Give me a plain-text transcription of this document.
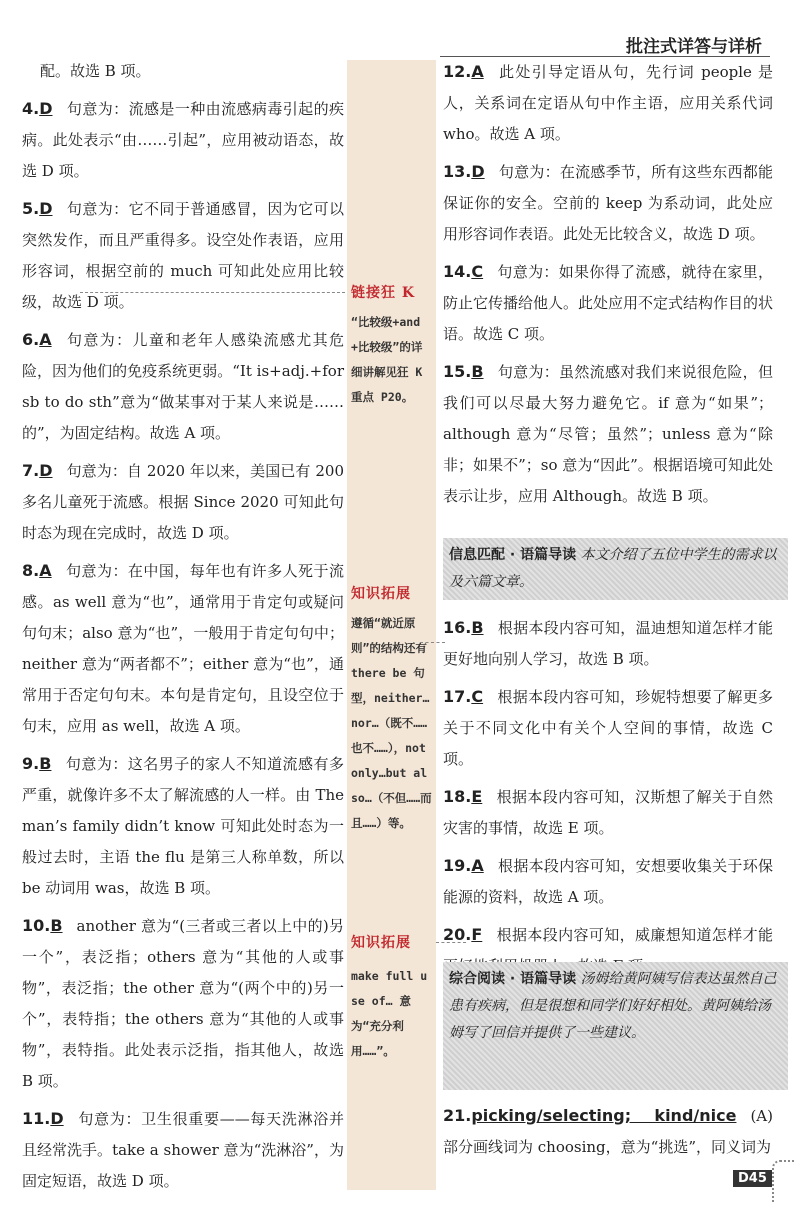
批注式详答与详析
配。故选 B 项。
4.D 句意为：流感是一种由流感病毒引起的疾病。此处表示“由……引起”，应用被动语态，故选 D 项。
5.D 句意为：它不同于普通感冒，因为它可以突然发作，而且严重得多。设空处作表语，应用形容词，根据空前的 much 可知此处应用比较级，故选 D 项。
6.A 句意为：儿童和老年人感染流感尤其危险，因为他们的免疫系统更弱。“It is+adj.+for sb to do sth”意为“做某事对于某人来说是……的”，为固定结构。故选 A 项。
7.D 句意为：自 2020 年以来，美国已有 200 多名儿童死于流感。根据 Since 2020 可知此句时态为现在完成时，故选 D 项。
8.A 句意为：在中国，每年也有许多人死于流感。as well 意为“也”，通常用于肯定句或疑问句句末；also 意为“也”，一般用于肯定句句中；neither 意为“两者都不”；either 意为“也”，通常用于否定句句末。本句是肯定句，且设空位于句末，应用 as well，故选 A 项。
9.B 句意为：这名男子的家人不知道流感有多严重，就像许多不太了解流感的人一样。由 The man’s family didn’t know 可知此处时态为一般过去时，主语 the flu 是第三人称单数，所以 be 动词用 was，故选 B 项。
10.B another 意为“(三者或三者以上中的)另一个”，表泛指；others 意为“其他的人或事物”，表泛指；the other 意为“(两个中的)另一个”，表特指；the others 意为“其他的人或事物”，表特指。此处表示泛指，指其他人，故选 B 项。
11.D 句意为：卫生很重要——每天洗淋浴并且经常洗手。take a shower 意为“洗淋浴”，为固定短语，故选 D 项。
链接狂 K
“比较级+and+比较级”的详细讲解见狂 K 重点 P20。
知识拓展
遵循“就近原则”的结构还有 there be 句型，neither…nor…（既不……也不……），not only…but also…（不但……而且……）等。
知识拓展
make full use of… 意为“充分利用……”。
12.A 此处引导定语从句，先行词 people 是人，关系词在定语从句中作主语，应用关系代词 who。故选 A 项。
13.D 句意为：在流感季节，所有这些东西都能保证你的安全。空前的 keep 为系动词，此处应用形容词作表语。此处无比较含义，故选 D 项。
14.C 句意为：如果你得了流感，就待在家里，防止它传播给他人。此处应用不定式结构作目的状语。故选 C 项。
15.B 句意为：虽然流感对我们来说很危险，但我们可以尽最大努力避免它。if 意为“如果”；although 意为“尽管；虽然”；unless 意为“除非；如果不”；so 意为“因此”。根据语境可知此处表示让步，应用 Although。故选 B 项。
信息匹配 · 语篇导读 本文介绍了五位中学生的需求以及六篇文章。
16.B 根据本段内容可知，温迪想知道怎样才能更好地向别人学习，故选 B 项。
17.C 根据本段内容可知，珍妮特想要了解更多关于不同文化中有关个人空间的事情，故选 C 项。
18.E 根据本段内容可知，汉斯想了解关于自然灾害的事情，故选 E 项。
19.A 根据本段内容可知，安想要收集关于环保能源的资料，故选 A 项。
20.F 根据本段内容可知，威廉想知道怎样才能
综合阅读 · 语篇导读 汤姆给黄阿姨写信表达虽然自己患有疾病，但是很想和同学们好好相处。黄阿姨给汤姆写了回信并提供了一些建议。
21.picking/selecting; kind/nice (A) 部分画线词为 choosing，意为“挑选”，同义词为
D45
